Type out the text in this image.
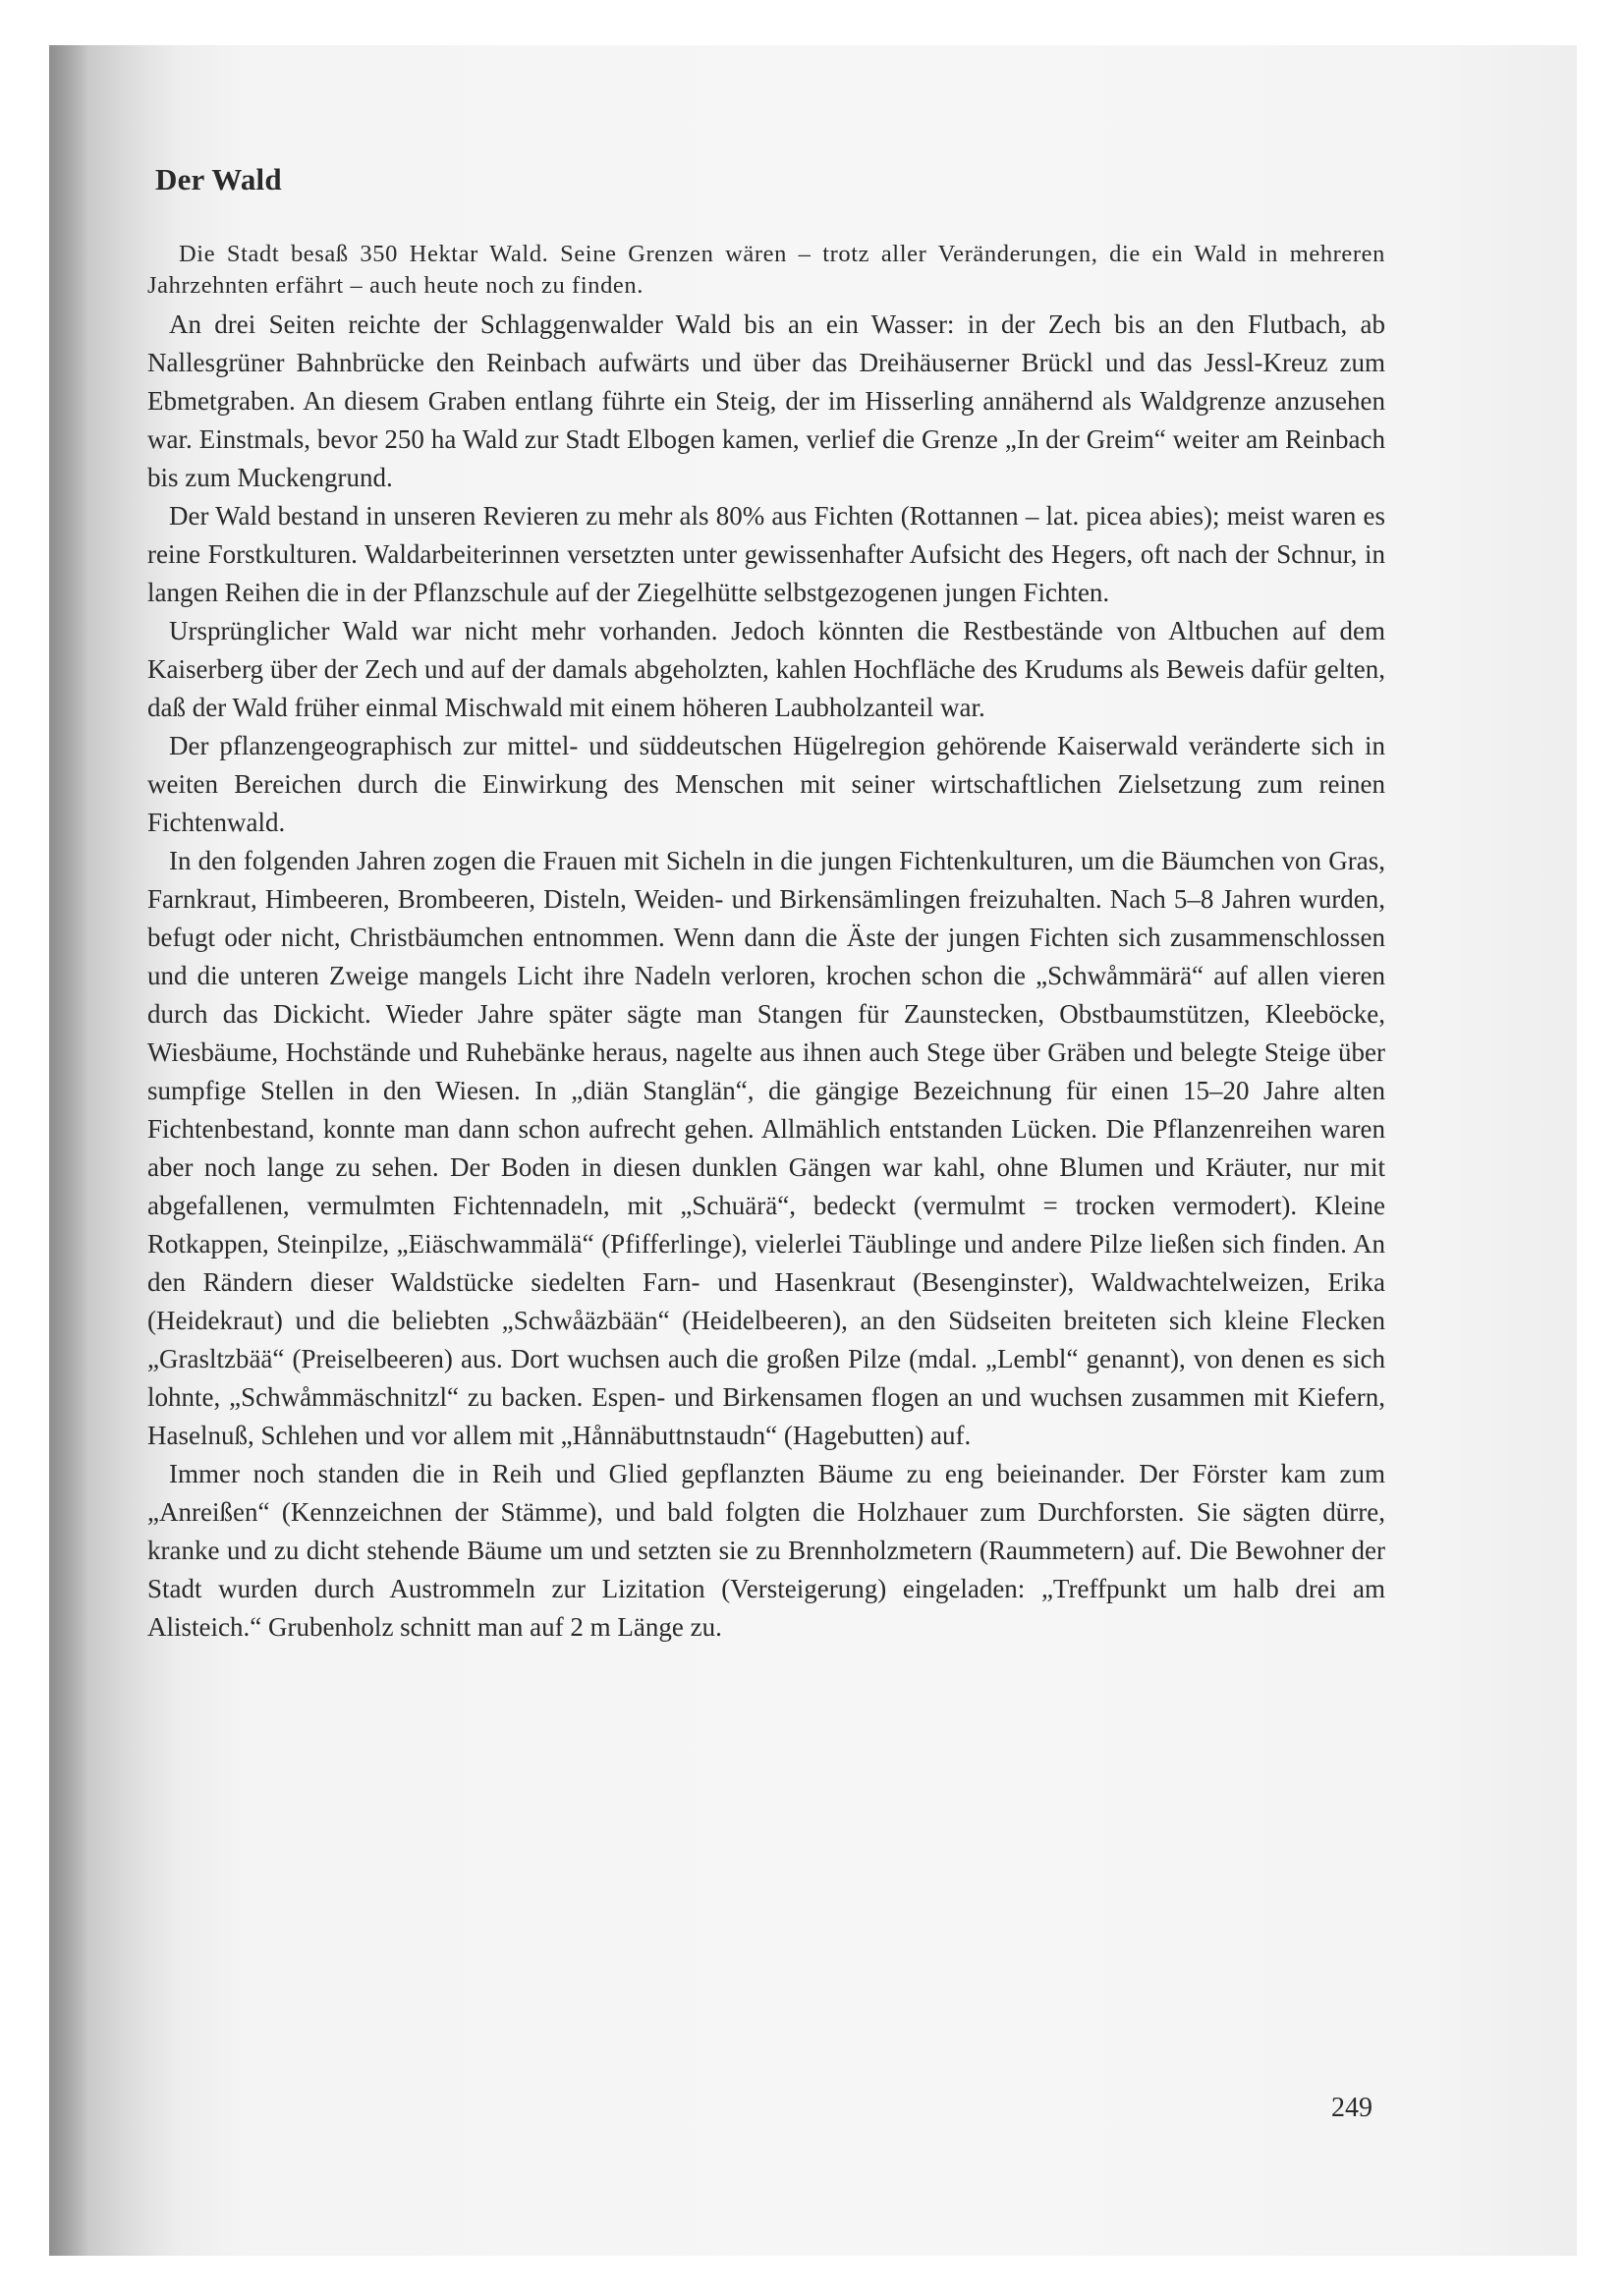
Der Wald

Die Stadt besaß 350 Hektar Wald. Seine Grenzen wären – trotz aller Veränderungen, die ein Wald in mehreren Jahrzehnten erfährt – auch heute noch zu finden.

An drei Seiten reichte der Schlaggenwalder Wald bis an ein Wasser: in der Zech bis an den Flutbach, ab Nallesgrüner Bahnbrücke den Reinbach aufwärts und über das Dreihäuserner Brückl und das Jessl-Kreuz zum Ebmetgraben. An diesem Graben entlang führte ein Steig, der im Hisserling annähernd als Waldgrenze anzusehen war. Einstmals, bevor 250 ha Wald zur Stadt Elbogen kamen, verlief die Grenze „In der Greim“ weiter am Reinbach bis zum Muckengrund.

Der Wald bestand in unseren Revieren zu mehr als 80% aus Fichten (Rottannen – lat. picea abies); meist waren es reine Forstkulturen. Waldarbeiterinnen versetzten unter gewissenhafter Aufsicht des Hegers, oft nach der Schnur, in langen Reihen die in der Pflanzschule auf der Ziegelhütte selbstgezogenen jungen Fichten.

Ursprünglicher Wald war nicht mehr vorhanden. Jedoch könnten die Restbestände von Altbuchen auf dem Kaiserberg über der Zech und auf der damals abgeholzten, kahlen Hochfläche des Krudums als Beweis dafür gelten, daß der Wald früher einmal Mischwald mit einem höheren Laubholzanteil war.

Der pflanzengeographisch zur mittel- und süddeutschen Hügelregion gehörende Kaiserwald veränderte sich in weiten Bereichen durch die Einwirkung des Menschen mit seiner wirtschaftlichen Zielsetzung zum reinen Fichtenwald.

In den folgenden Jahren zogen die Frauen mit Sicheln in die jungen Fichtenkulturen, um die Bäumchen von Gras, Farnkraut, Himbeeren, Brombeeren, Disteln, Weiden- und Birkensämlingen freizuhalten. Nach 5–8 Jahren wurden, befugt oder nicht, Christbäumchen entnommen. Wenn dann die Äste der jungen Fichten sich zusammenschlossen und die unteren Zweige mangels Licht ihre Nadeln verloren, krochen schon die „Schwåmmärä“ auf allen vieren durch das Dickicht. Wieder Jahre später sägte man Stangen für Zaunstecken, Obstbaumstützen, Kleeböcke, Wiesbäume, Hochstände und Ruhebänke heraus, nagelte aus ihnen auch Stege über Gräben und belegte Steige über sumpfige Stellen in den Wiesen. In „diän Stanglän“, die gängige Bezeichnung für einen 15–20 Jahre alten Fichtenbestand, konnte man dann schon aufrecht gehen. Allmählich entstanden Lücken. Die Pflanzenreihen waren aber noch lange zu sehen. Der Boden in diesen dunklen Gängen war kahl, ohne Blumen und Kräuter, nur mit abgefallenen, vermulmten Fichtennadeln, mit „Schuärä“, bedeckt (vermulmt = trocken vermodert). Kleine Rotkappen, Steinpilze, „Eiäschwammälä“ (Pfifferlinge), vielerlei Täublinge und andere Pilze ließen sich finden. An den Rändern dieser Waldstücke siedelten Farn- und Hasenkraut (Besenginster), Waldwachtelweizen, Erika (Heidekraut) und die beliebten „Schwåäzbään“ (Heidelbeeren), an den Südseiten breiteten sich kleine Flecken „Grasltzbää“ (Preiselbeeren) aus. Dort wuchsen auch die großen Pilze (mdal. „Lembl“ genannt), von denen es sich lohnte, „Schwåmmäschnitzl“ zu backen. Espen- und Birkensamen flogen an und wuchsen zusammen mit Kiefern, Haselnuß, Schlehen und vor allem mit „Hånnäbuttnstaudn“ (Hagebutten) auf.

Immer noch standen die in Reih und Glied gepflanzten Bäume zu eng beieinander. Der Förster kam zum „Anreißen“ (Kennzeichnen der Stämme), und bald folgten die Holzhauer zum Durchforsten. Sie sägten dürre, kranke und zu dicht stehende Bäume um und setzten sie zu Brennholzmetern (Raummetern) auf. Die Bewohner der Stadt wurden durch Austrommeln zur Lizitation (Versteigerung) eingeladen: „Treffpunkt um halb drei am Alisteich.“ Grubenholz schnitt man auf 2 m Länge zu.

249
